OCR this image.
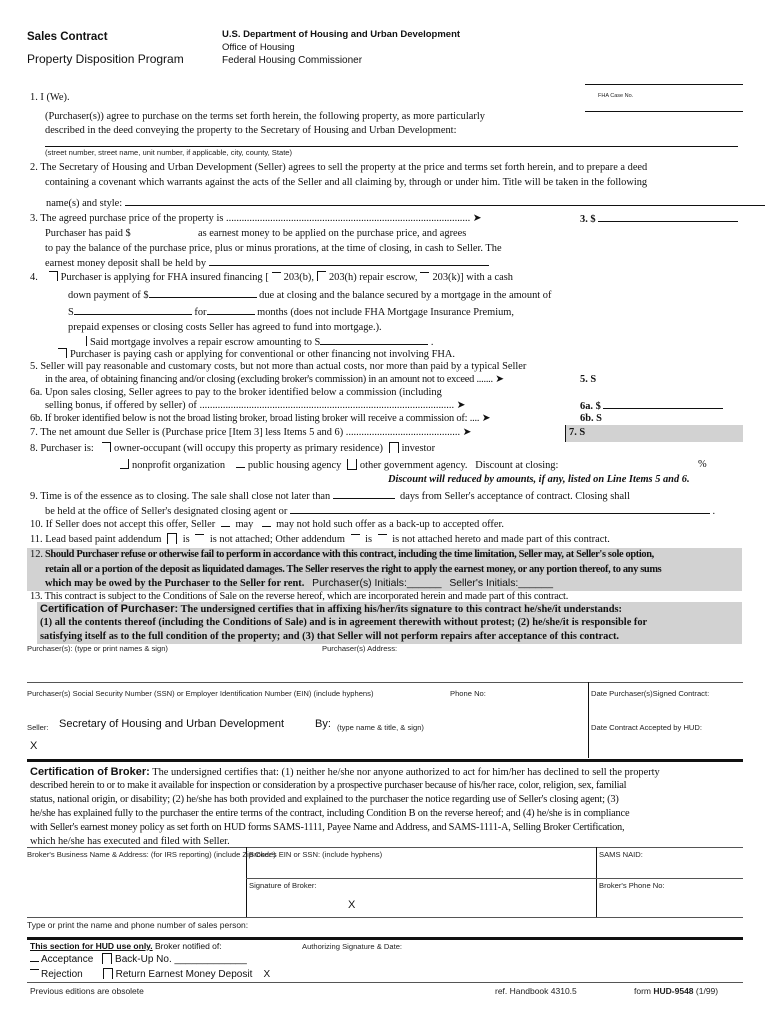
Sales Contract
Property Disposition Program
U.S. Department of Housing and Urban Development
Office of Housing
Federal Housing Commissioner
FHA Case No.
1. I (We).
(Purchaser(s)) agree to purchase on the terms set forth herein, the following property, as more particularly
described in the deed conveying the property to the Secretary of Housing and Urban Development:
(street number, street name, unit number, if applicable, city, county, State)
2. The Secretary of Housing and Urban Development (Seller) agrees to sell the property at the price and terms set forth herein, and to prepare a deed
containing a covenant which warrants against the acts of the Seller and all claiming by, through or under him. Title will be taken in the following
name(s) and style:
3. The agreed purchase price of the property is .............................................................................................. ➤	3. $
Purchaser has paid $	as earnest money to be applied on the purchase price, and agrees
to pay the balance of the purchase price, plus or minus prorations, at the time of closing, in cash to Seller. The
earnest money deposit shall be held by
4. Purchaser is applying for FHA insured financing [ 203(b), 203(h) repair escrow, 203(k)] with a cash
down payment of $	due at closing and the balance secured by a mortgage in the amount of
S	for	months (does not include FHA Mortgage Insurance Premium,
prepaid expenses or closing costs Seller has agreed to fund into mortgage.).
Said mortgage involves a repair escrow amounting to S	.
Purchaser is paying cash or applying for conventional or other financing not involving FHA.
5. Seller will pay reasonable and customary costs, but not more than actual costs, nor more than paid by a typical Seller
in the area, of obtaining financing and/or closing (excluding broker's commission) in an amount not to exceed ....... ➤	5. S
6a. Upon sales closing, Seller agrees to pay to the broker identified below a commission (including
selling bonus, if offered by seller) of .................................................................................................. ➤	6a. $
6b. If broker identified below is not the broad listing broker, broad listing broker will receive a commission of: .... ➤	6b. S
7. The net amount due Seller is (Purchase price [Item 3] less Items 5 and 6) ............................................ ➤	7. S
8. Purchaser is: owner-occupant (will occupy this property as primary residence) investor
nonprofit organization public housing agency other government agency. Discount at closing:	%
Discount will reduced by amounts, if any, listed on Line Items 5 and 6.
9. Time is of the essence as to closing. The sale shall close not later than	days from Seller's acceptance of contract. Closing shall
be held at the office of Seller's designated closing agent or	.
10. If Seller does not accept this offer, Seller may may not hold such offer as a back-up to accepted offer.
11. Lead based paint addendum is is not attached; Other addendum is is not attached hereto and made part of this contract.
12. Should Purchaser refuse or otherwise fail to perform in accordance with this contract, including the time limitation, Seller may, at Seller's sole option,
retain all or a portion of the deposit as liquidated damages. The Seller reserves the right to apply the earnest money, or any portion thereof, to any sums
which may be owed by the Purchaser to the Seller for rent. Purchaser(s) Initials:______ Seller's Initials:______
13. This contract is subject to the Conditions of Sale on the reverse hereof, which are incorporated herein and made part of this contract.
Certification of Purchaser: The undersigned certifies that in affixing his/her/its signature to this contract he/she/it understands:
(1) all the contents thereof (including the Conditions of Sale) and is in agreement therewith without protest; (2) he/she/it is responsible for
satisfying itself as to the full condition of the property; and (3) that Seller will not perform repairs after acceptance of this contract.
Purchaser(s): (type or print names & sign)	Purchaser(s) Address:
Purchaser(s) Social Security Number (SSN) or Employer Identification Number (EIN) (include hyphens)	Phone No:	Date Purchaser(s)Signed Contract:
Seller: Secretary of Housing and Urban Development	By: (type name & title, & sign)	Date Contract Accepted by HUD:
X
Certification of Broker: The undersigned certifies that: (1) neither he/she nor anyone authorized to act for him/her has declined to sell the property
described herein to or to make it available for inspection or consideration by a prospective purchaser because of his/her race, color, religion, sex, familial
status, national origin, or disability; (2) he/she has both provided and explained to the purchaser the notice regarding use of Seller's closing agent; (3)
he/she has explained fully to the purchaser the entire terms of the contract, including Condition B on the reverse hereof; and (4) he/she is in compliance
with Seller's earnest money policy as set forth on HUD forms SAMS-1111, Payee Name and Address, and SAMS-1111-A, Selling Broker Certification,
which he/she has executed and filed with Seller.
Broker's Business Name & Address: (for IRS reporting) (include Zip Code)
Broker's EIN or SSN: (include hyphens)	SAMS NAID:
Signature of Broker:	Broker's Phone No:
X
Type or print the name and phone number of sales person:
This section for HUD use only. Broker notified of:	Authorizing Signature & Date:
Acceptance Back-Up No. _____________
Rejection	Return Earnest Money Deposit X
Previous editions are obsolete	ref. Handbook 4310.5	form HUD-9548 (1/99)
